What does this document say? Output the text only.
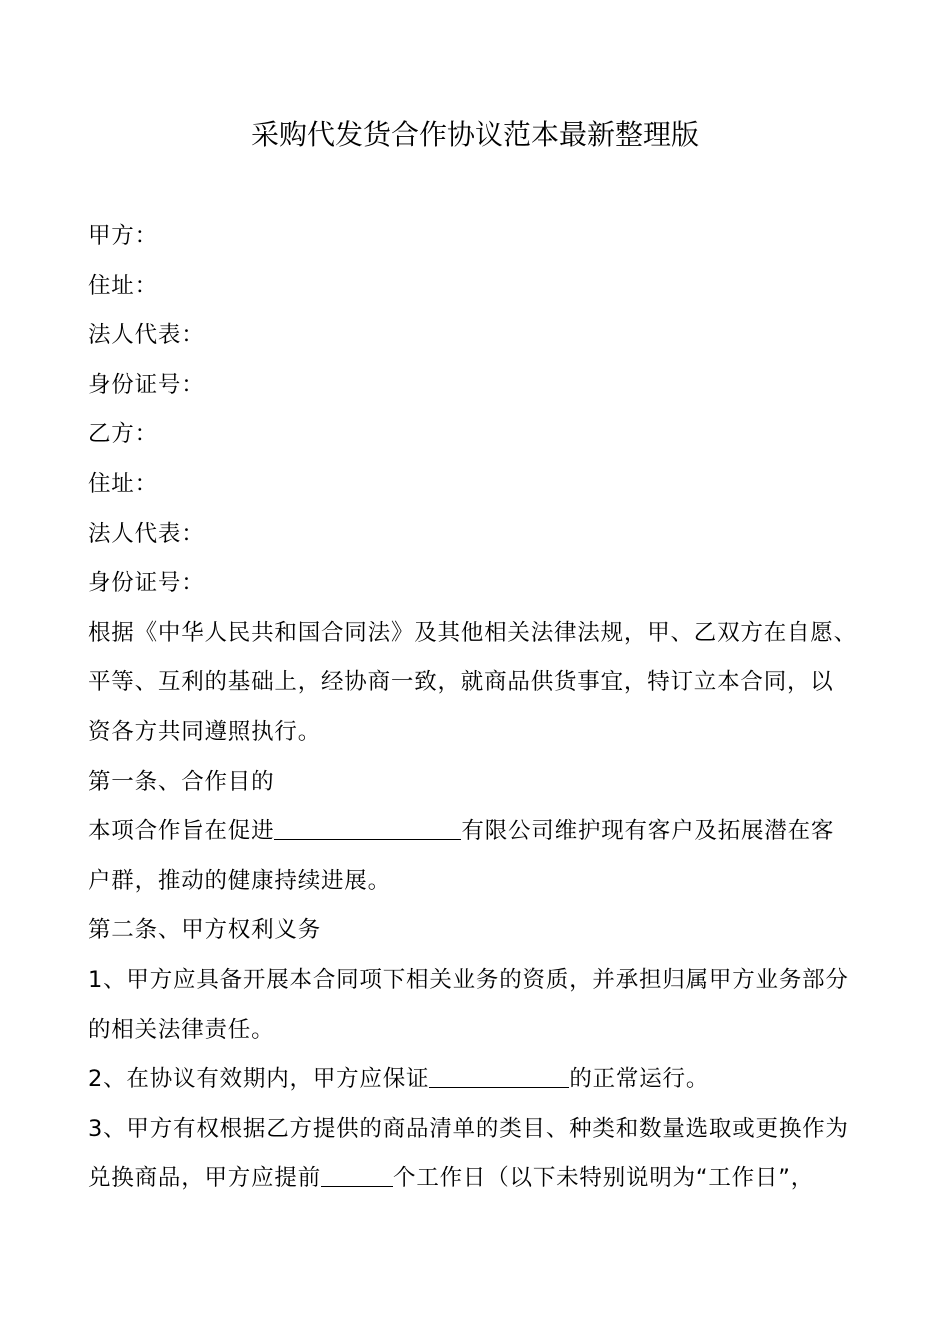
采购代发货合作协议范本最新整理版
甲方：
住址：
法人代表：
身份证号：
乙方：
住址：
法人代表：
身份证号：
根据《中华人民共和国合同法》及其他相关法律法规，甲、乙双方在自愿、
平等、互利的基础上，经协商一致，就商品供货事宜，特订立本合同，以
资各方共同遵照执行。
第一条、合作目的
本项合作旨在促进	有限公司维护现有客户及拓展潜在客
户群，推动的健康持续进展。
第二条、甲方权利义务
1、甲方应具备开展本合同项下相关业务的资质，并承担归属甲方业务部分
的相关法律责任。
2、在协议有效期内，甲方应保证	的正常运行。
3、甲方有权根据乙方提供的商品清单的类目、种类和数量选取或更换作为
兑换商品，甲方应提前	个工作日（以下未特别说明为“工作日”，
